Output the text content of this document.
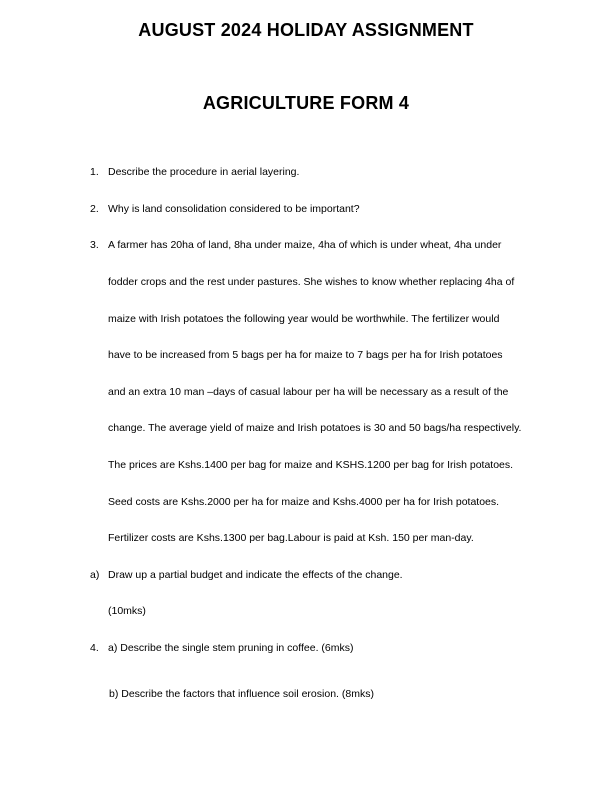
AUGUST 2024 HOLIDAY ASSIGNMENT
AGRICULTURE FORM 4
1. Describe the procedure in aerial layering.
2. Why is land consolidation considered to be important?
3. A farmer has 20ha of land, 8ha under maize, 4ha of which is under wheat, 4ha under
fodder crops and the rest under pastures. She wishes to know whether replacing 4ha of
maize with Irish potatoes the following year would be worthwhile. The fertilizer would
have to be increased from 5 bags per ha for maize to 7 bags per ha for Irish potatoes
and an extra 10 man –days of casual labour per ha will be necessary as a result of the
change. The average yield of maize and Irish potatoes is 30 and 50 bags/ha respectively.
The prices are Kshs.1400 per bag for maize and KSHS.1200 per bag for Irish potatoes.
Seed costs are Kshs.2000 per ha for maize and Kshs.4000 per ha for Irish potatoes.
Fertilizer costs are Kshs.1300 per bag.Labour is paid at Ksh. 150 per man-day.
a) Draw up a partial budget and indicate the effects of the change.
(10mks)
4. a) Describe the single stem pruning in coffee. (6mks)
b) Describe the factors that influence soil erosion. (8mks)
